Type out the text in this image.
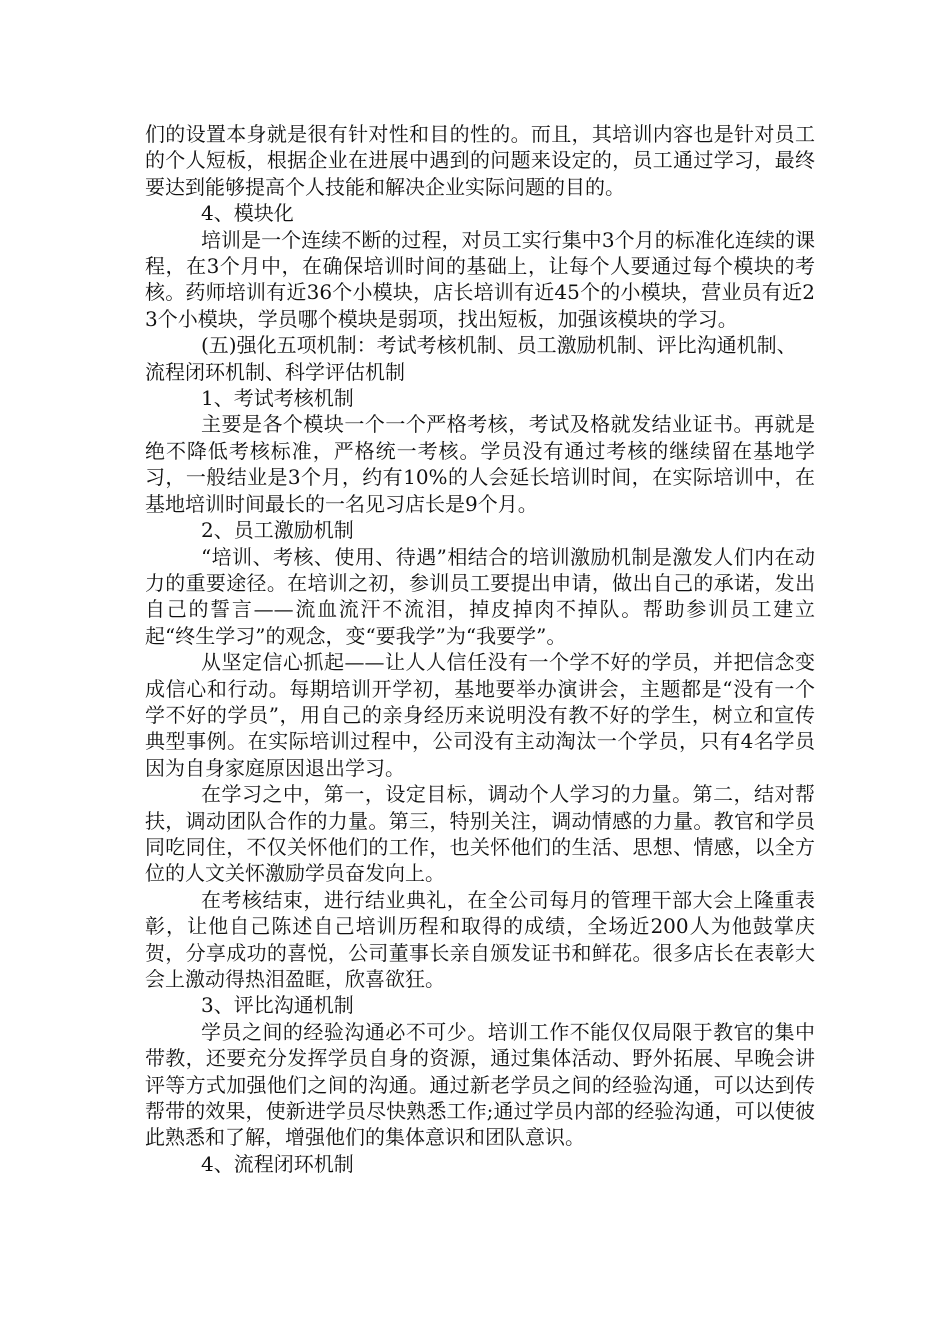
们的设置本身就是很有针对性和目的性的。而且，其培训内容也是针对员工的个人短板，根据企业在进展中遇到的问题来设定的，员工通过学习，最终要达到能够提高个人技能和解决企业实际问题的目的。

4、模块化

培训是一个连续不断的过程，对员工实行集中3个月的标准化连续的课程，在3个月中，在确保培训时间的基础上，让每个人要通过每个模块的考核。药师培训有近36个小模块，店长培训有近45个的小模块，营业员有近23个小模块，学员哪个模块是弱项，找出短板，加强该模块的学习。

(五)强化五项机制：考试考核机制、员工激励机制、评比沟通机制、流程闭环机制、科学评估机制

1、考试考核机制

主要是各个模块一个一个严格考核，考试及格就发结业证书。再就是绝不降低考核标准，严格统一考核。学员没有通过考核的继续留在基地学习，一般结业是3个月，约有10%的人会延长培训时间，在实际培训中，在基地培训时间最长的一名见习店长是9个月。

2、员工激励机制

“培训、考核、使用、待遇”相结合的培训激励机制是激发人们内在动力的重要途径。在培训之初，参训员工要提出申请，做出自己的承诺，发出自己的誓言——流血流汗不流泪，掉皮掉肉不掉队。帮助参训员工建立起“终生学习”的观念，变“要我学”为“我要学”。

从坚定信心抓起——让人人信任没有一个学不好的学员，并把信念变成信心和行动。每期培训开学初，基地要举办演讲会，主题都是“没有一个学不好的学员”，用自己的亲身经历来说明没有教不好的学生，树立和宣传典型事例。在实际培训过程中，公司没有主动淘汰一个学员，只有4名学员因为自身家庭原因退出学习。

在学习之中，第一，设定目标，调动个人学习的力量。第二，结对帮扶，调动团队合作的力量。第三，特别关注，调动情感的力量。教官和学员同吃同住，不仅关怀他们的工作，也关怀他们的生活、思想、情感，以全方位的人文关怀激励学员奋发向上。

在考核结束，进行结业典礼，在全公司每月的管理干部大会上隆重表彰，让他自己陈述自己培训历程和取得的成绩，全场近200人为他鼓掌庆贺，分享成功的喜悦，公司董事长亲自颁发证书和鲜花。很多店长在表彰大会上激动得热泪盈眶，欣喜欲狂。

3、评比沟通机制

学员之间的经验沟通必不可少。培训工作不能仅仅局限于教官的集中带教，还要充分发挥学员自身的资源，通过集体活动、野外拓展、早晚会讲评等方式加强他们之间的沟通。通过新老学员之间的经验沟通，可以达到传帮带的效果，使新进学员尽快熟悉工作;通过学员内部的经验沟通，可以使彼此熟悉和了解，增强他们的集体意识和团队意识。

4、流程闭环机制
